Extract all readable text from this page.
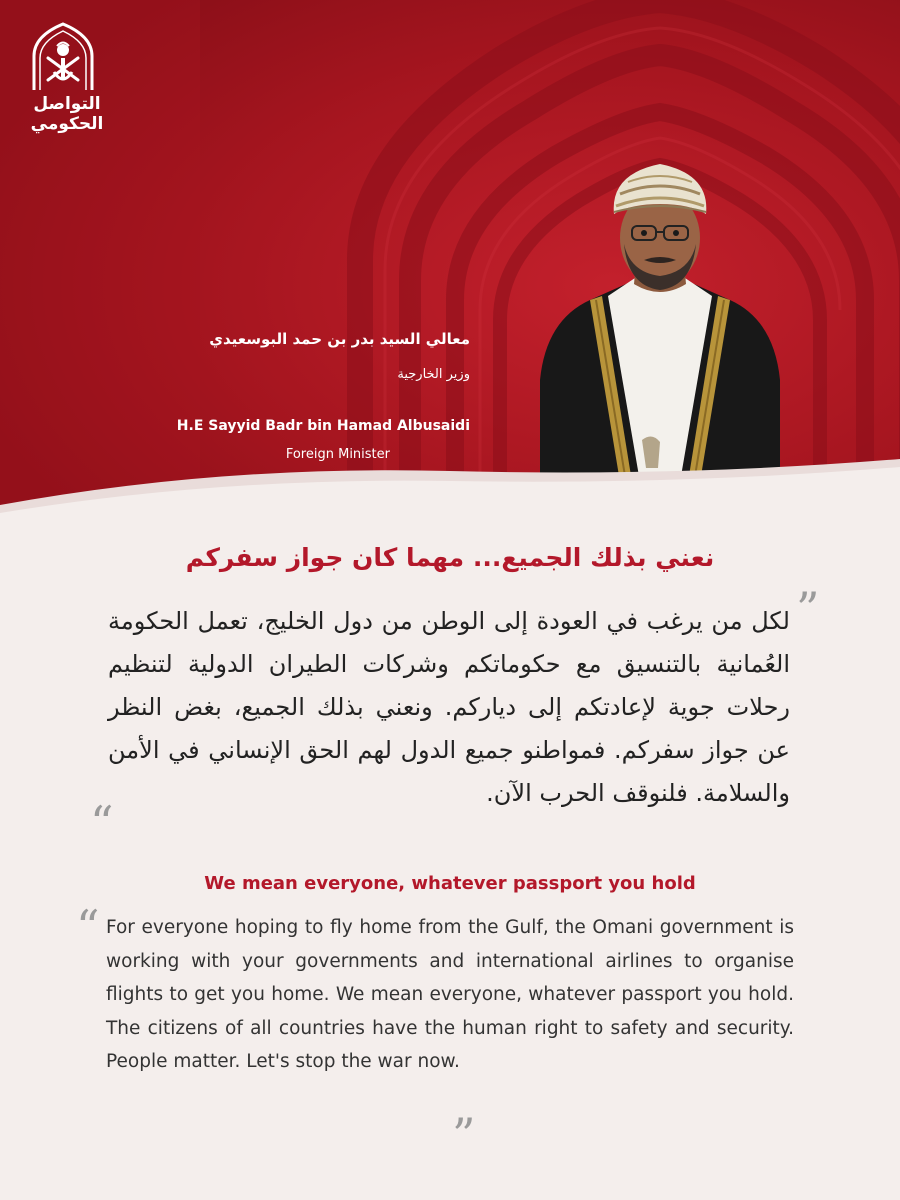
التواصل
الحكومي
معالي السيد بدر بن حمد البوسعيدي
وزير الخارجية
H.E Sayyid Badr bin Hamad Albusaidi
Foreign Minister
نعني بذلك الجميع... مهما كان جواز سفركم
”
لكل من يرغب في العودة إلى الوطن من دول الخليج، تعمل الحكومة العُمانية بالتنسيق مع حكوماتكم وشركات الطيران الدولية لتنظيم رحلات جوية لإعادتكم إلى دياركم. ونعني بذلك الجميع، بغض النظر عن جواز سفركم. فمواطنو جميع الدول لهم الحق الإنساني في الأمن والسلامة. فلنوقف الحرب الآن.
“
We mean everyone, whatever passport you hold
“ For everyone hoping to fly home from the Gulf, the Omani government is working with your governments and international airlines to organise flights to get you home. We mean everyone, whatever passport you hold. The citizens of all countries have the human right to safety and security. People matter. Let's stop the war now.
”
